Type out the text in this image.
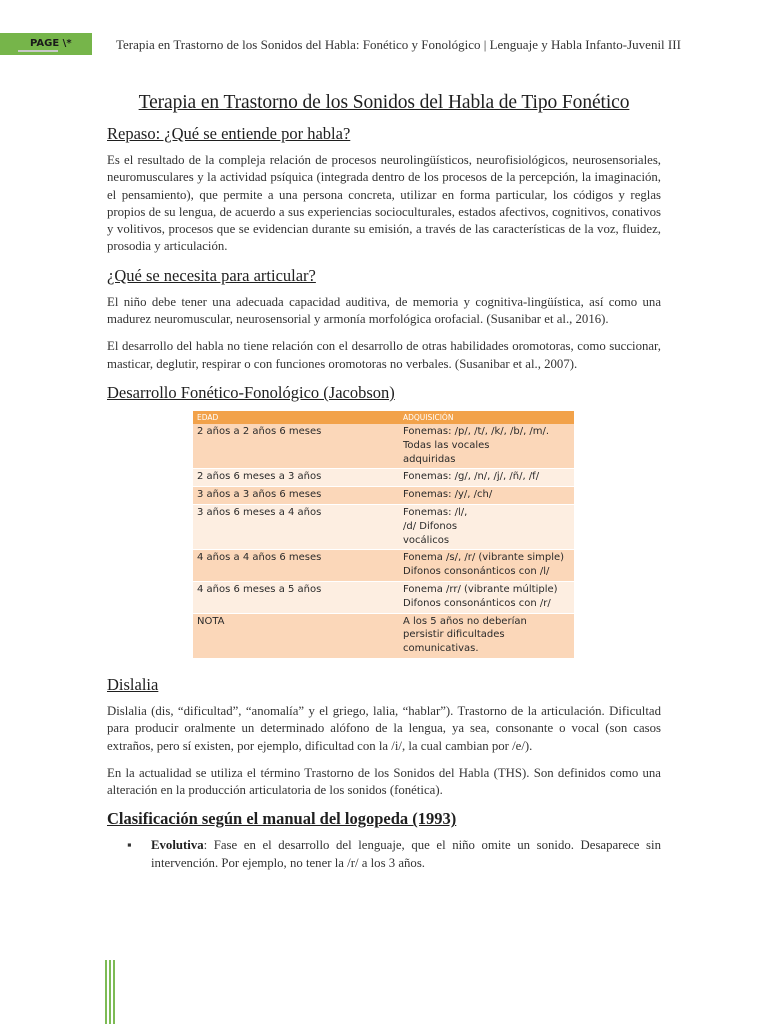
PAGE \*	Terapia en Trastorno de los Sonidos del Habla: Fonético y Fonológico | Lenguaje y Habla Infanto-Juvenil III
Terapia en Trastorno de los Sonidos del Habla de Tipo Fonético
Repaso: ¿Qué se entiende por habla?

Es el resultado de la compleja relación de procesos neurolingüísticos, neurofisiológicos, neurosensoriales, neuromusculares y la actividad psíquica (integrada dentro de los procesos de la percepción, la imaginación, el pensamiento), que permite a una persona concreta, utilizar en forma particular, los códigos y reglas propios de su lengua, de acuerdo a sus experiencias socioculturales, estados afectivos, cognitivos, conativos y volitivos, procesos que se evidencian durante su emisión, a través de las características de la voz, fluidez, prosodia y articulación.

¿Qué se necesita para articular?

El niño debe tener una adecuada capacidad auditiva, de memoria y cognitiva-lingüística, así como una madurez neuromuscular, neurosensorial y armonía morfológica orofacial. (Susanibar et al., 2016).

El desarrollo del habla no tiene relación con el desarrollo de otras habilidades oromotoras, como succionar, masticar, deglutir, respirar o con funciones oromotoras no verbales. (Susanibar et al., 2007).

Desarrollo Fonético-Fonológico (Jacobson)
EDAD	ADQUISICIÓN
2 años a 2 años 6 meses	Fonemas: /p/, /t/, /k/, /b/, /m/.
Todas las vocales
adquiridas

2 años 6 meses a 3 años	Fonemas: /g/, /n/, /j/, /ñ/, /f/

3 años a 3 años 6 meses	Fonemas: /y/, /ch/

3 años 6 meses a 4 años	Fonemas: /l/,
/d/ Difonos
vocálicos

4 años a 4 años 6 meses	Fonema /s/, /r/ (vibrante simple)
Difonos consonánticos con /l/

4 años 6 meses a 5 años	Fonema /rr/ (vibrante múltiple)
Difonos consonánticos con /r/

NOTA	A los 5 años no deberían
persistir dificultades
comunicativas.
Dislalia

Dislalia (dis, “dificultad”, “anomalía” y el griego, lalia, “hablar”). Trastorno de la articulación. Dificultad para producir oralmente un determinado alófono de la lengua, ya sea, consonante o vocal (son casos extraños, pero sí existen, por ejemplo, dificultad con la /i/, la cual cambian por /e/).

En la actualidad se utiliza el término Trastorno de los Sonidos del Habla (THS). Son definidos como una alteración en la producción articulatoria de los sonidos (fonética).

Clasificación según el manual del logopeda (1993)
▪ Evolutiva: Fase en el desarrollo del lenguaje, que el niño omite un sonido. Desaparece sin intervención. Por ejemplo, no tener la /r/ a los 3 años.
